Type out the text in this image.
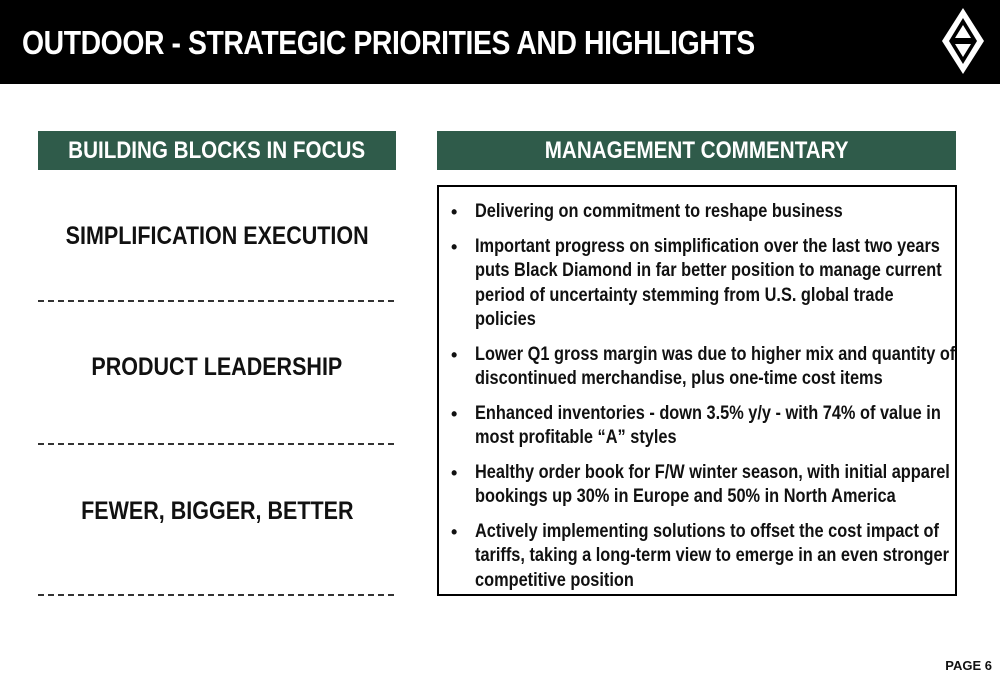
OUTDOOR - STRATEGIC PRIORITIES AND HIGHLIGHTS
BUILDING BLOCKS IN FOCUS	MANAGEMENT COMMENTARY
SIMPLIFICATION EXECUTION
PRODUCT LEADERSHIP
FEWER, BIGGER, BETTER
• Delivering on commitment to reshape business
• Important progress on simplification over the last two years puts Black Diamond in far better position to manage current period of uncertainty stemming from U.S. global trade policies
• Lower Q1 gross margin was due to higher mix and quantity of discontinued merchandise, plus one-time cost items
• Enhanced inventories - down 3.5% y/y - with 74% of value in most profitable “A” styles
• Healthy order book for F/W winter season, with initial apparel bookings up 30% in Europe and 50% in North America
• Actively implementing solutions to offset the cost impact of tariffs, taking a long-term view to emerge in an even stronger competitive position
PAGE 6
